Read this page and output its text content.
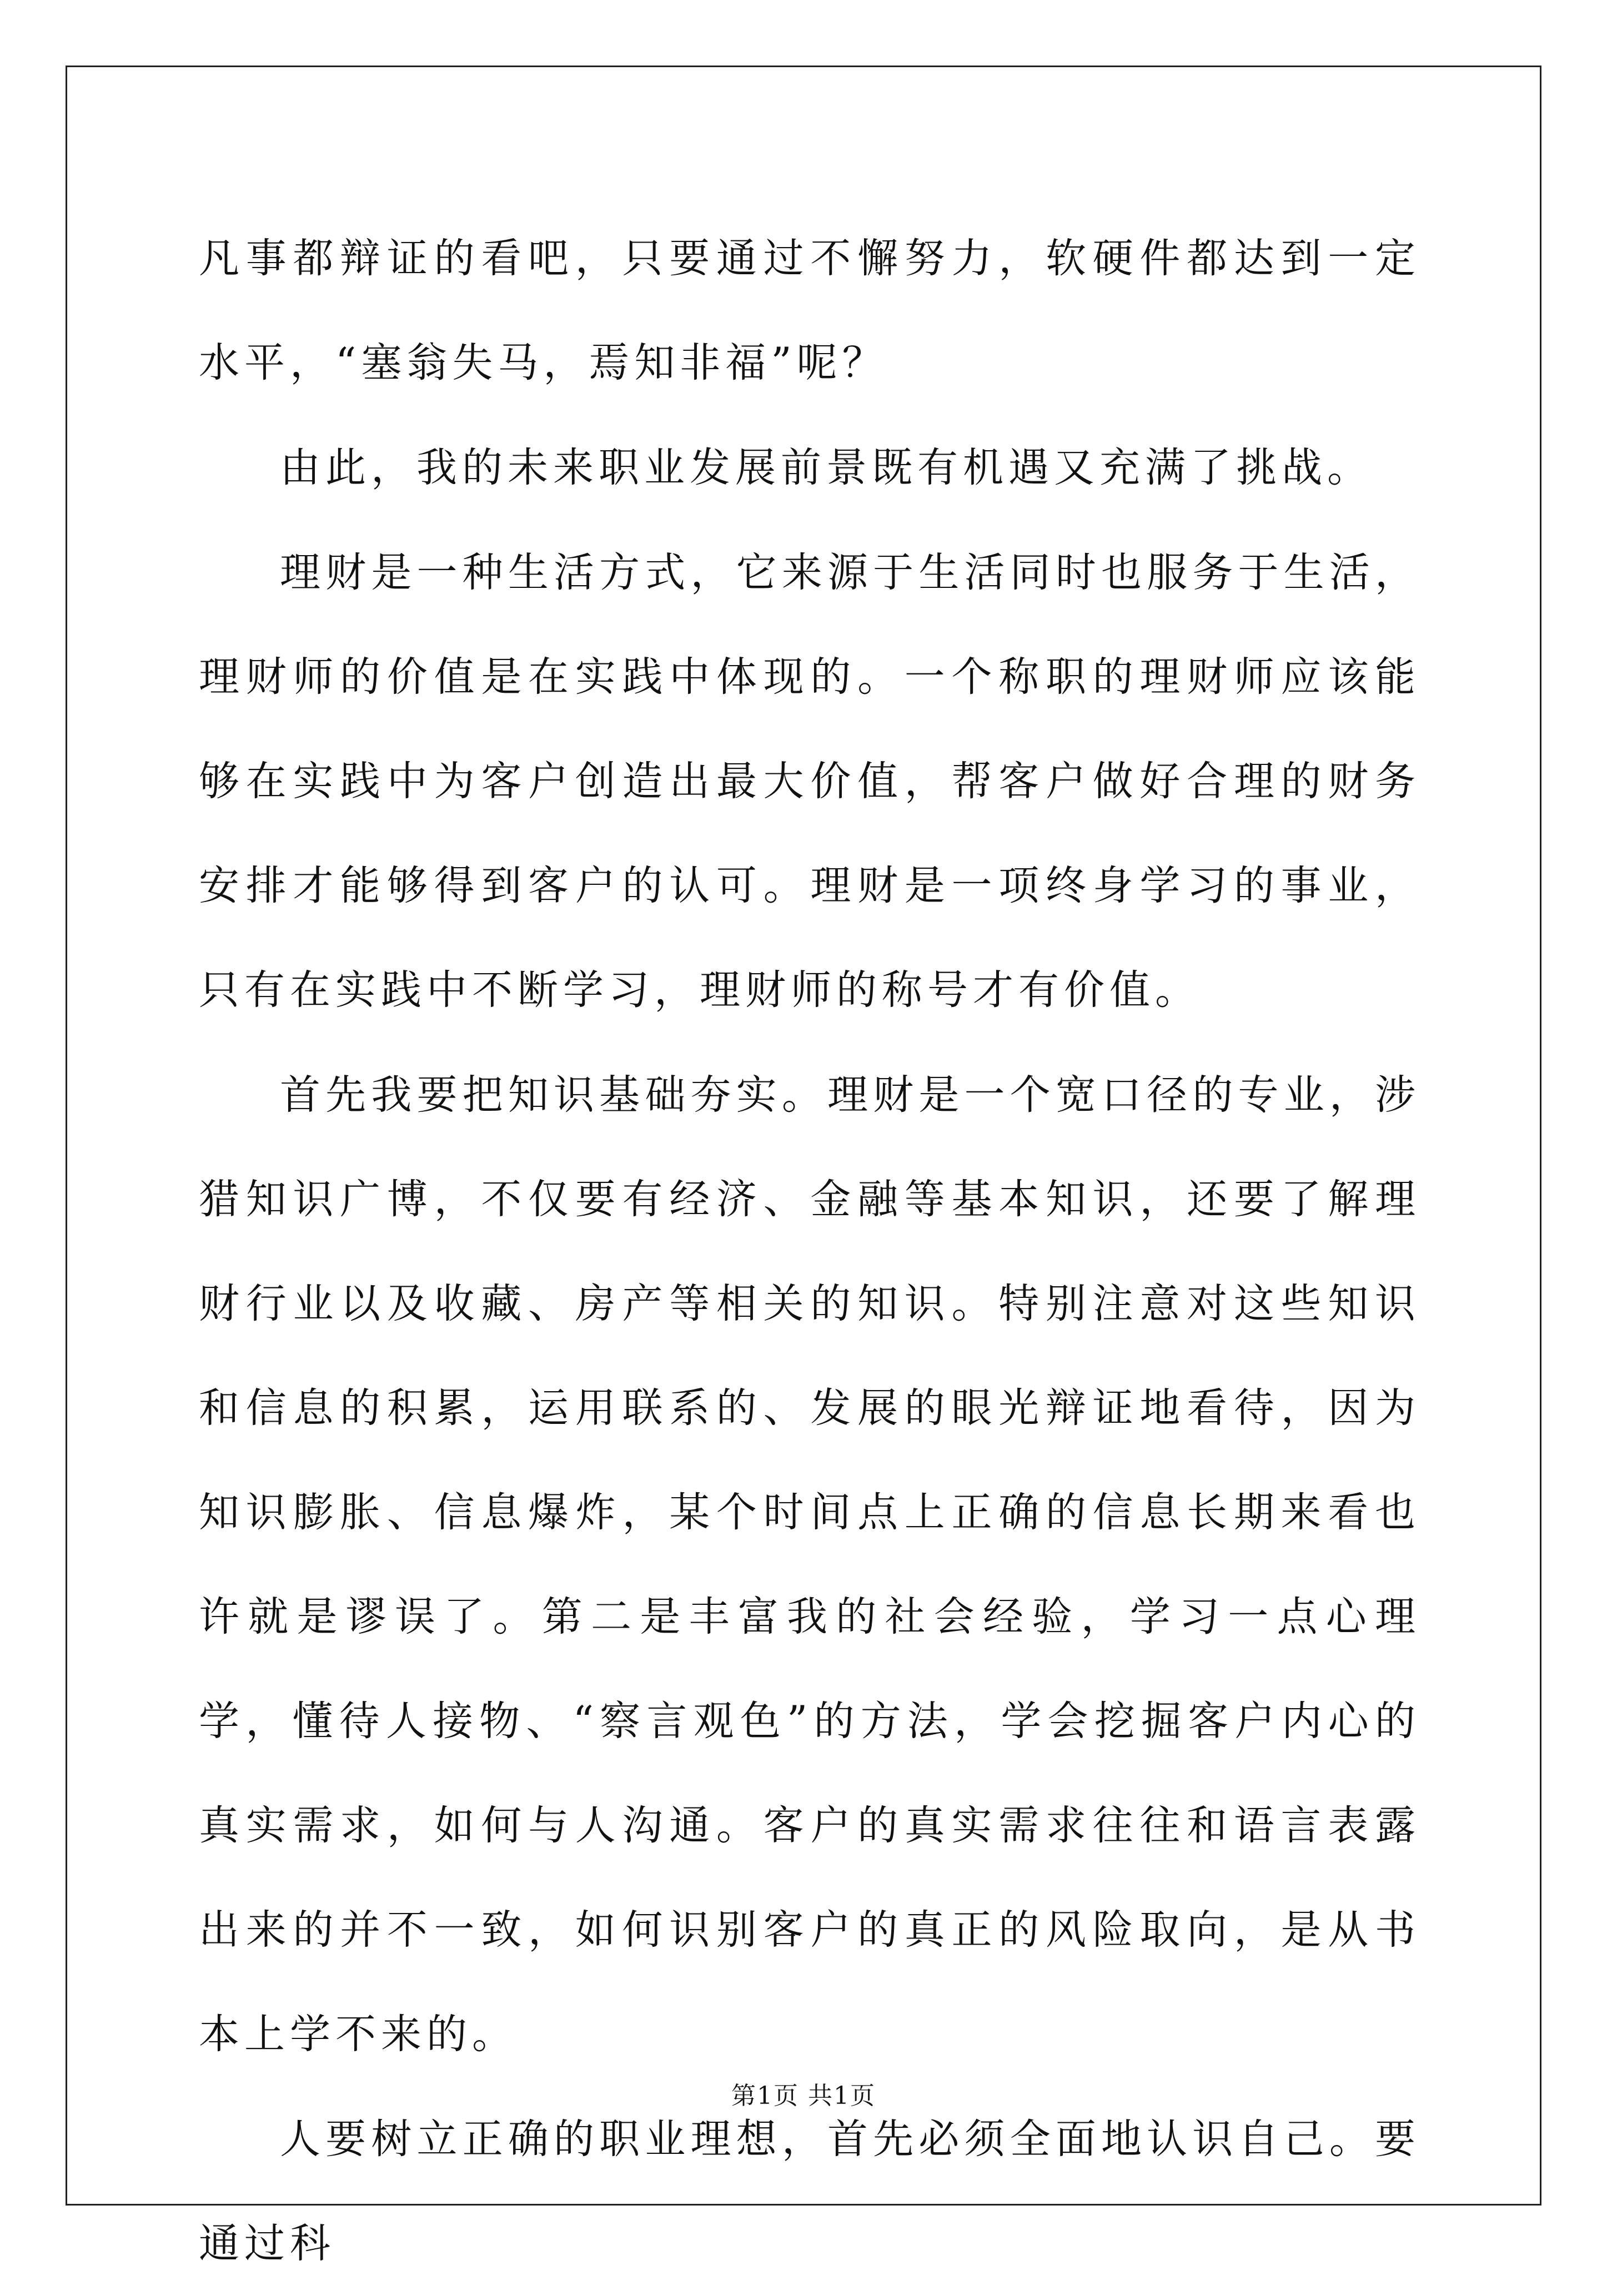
凡事都辩证的看吧，只要通过不懈努力，软硬件都达到一定水平，“塞翁失马，焉知非福”呢？

由此，我的未来职业发展前景既有机遇又充满了挑战。

理财是一种生活方式，它来源于生活同时也服务于生活，理财师的价值是在实践中体现的。一个称职的理财师应该能够在实践中为客户创造出最大价值，帮客户做好合理的财务安排才能够得到客户的认可。理财是一项终身学习的事业，只有在实践中不断学习，理财师的称号才有价值。

首先我要把知识基础夯实。理财是一个宽口径的专业，涉猎知识广博，不仅要有经济、金融等基本知识，还要了解理财行业以及收藏、房产等相关的知识。特别注意对这些知识和信息的积累，运用联系的、发展的眼光辩证地看待，因为知识膨胀、信息爆炸，某个时间点上正确的信息长期来看也许就是谬误了。第二是丰富我的社会经验，学习一点心理学，懂待人接物、“察言观色”的方法，学会挖掘客户内心的真实需求，如何与人沟通。客户的真实需求往往和语言表露出来的并不一致，如何识别客户的真正的风险取向，是从书本上学不来的。

人要树立正确的职业理想，首先必须全面地认识自己。要通过科

第1页 共1页
